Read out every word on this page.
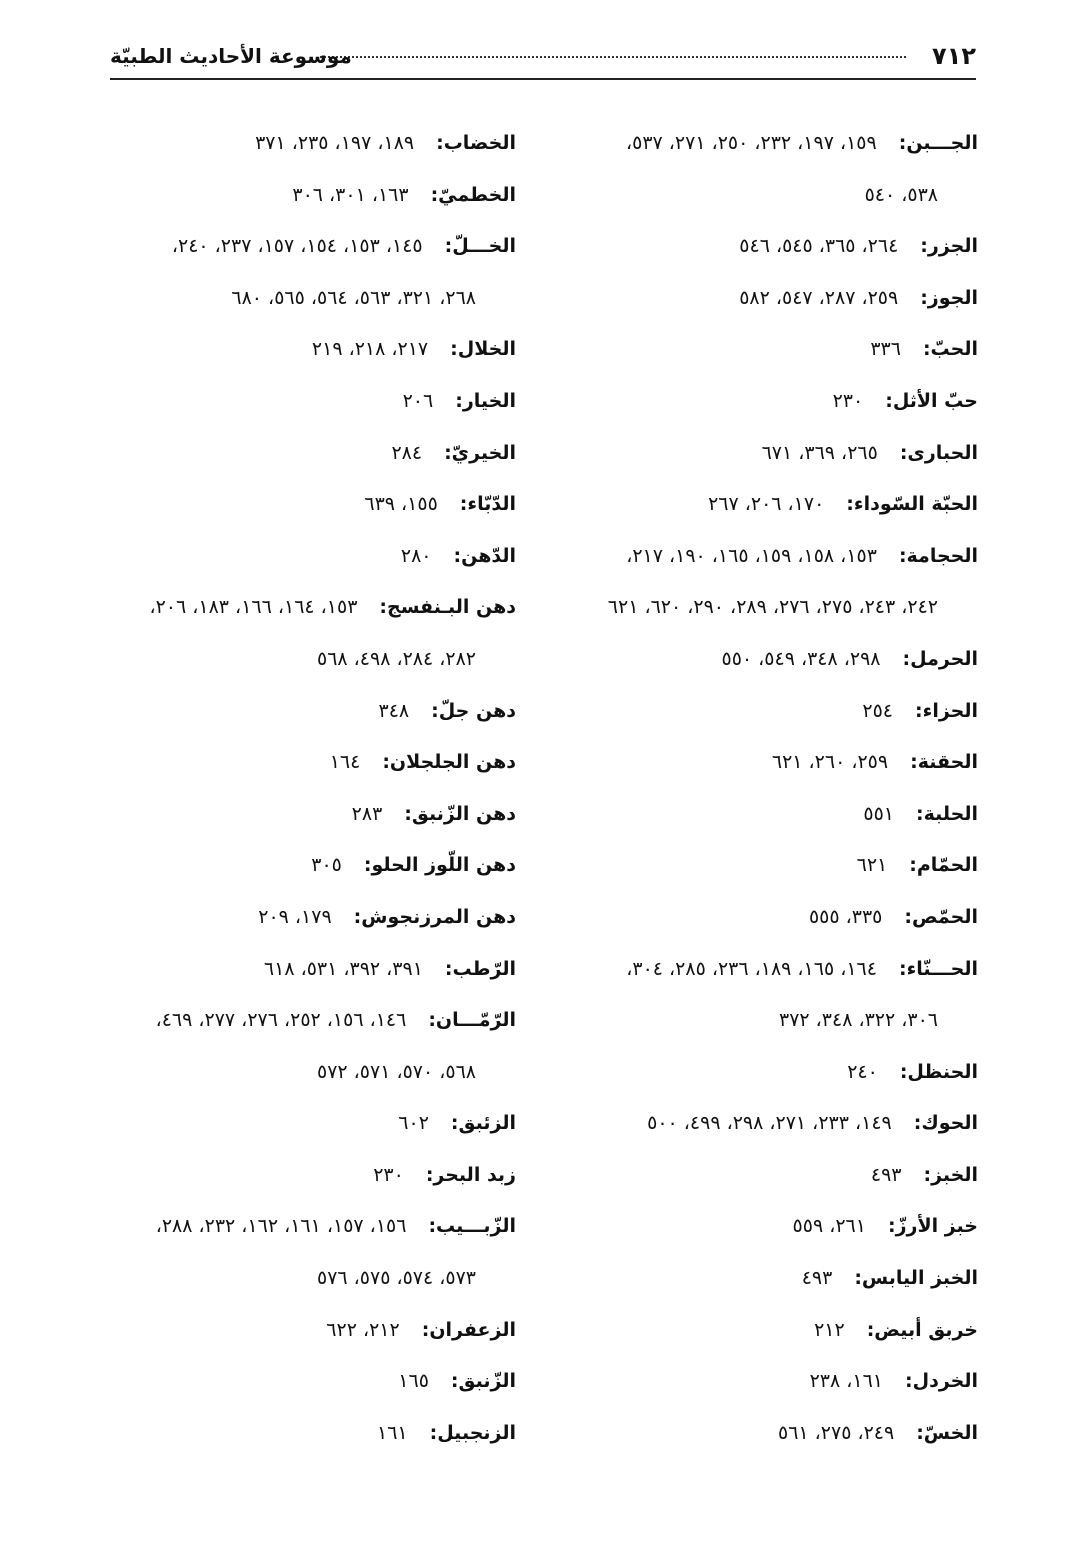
٧١٢
موسوعة الأحاديث الطبيّة
الجـــبن:١٥٩، ١٩٧، ٢٣٢، ٢٥٠، ٢٧١، ٥٣٧،
٥٣٨، ٥٤٠
الجزر:٢٦٤، ٣٦٥، ٥٤٥، ٥٤٦
الجوز:٢٥٩، ٢٨٧، ٥٤٧، ٥٨٢
الحبّ:٣٣٦
حبّ الأثل:٢٣٠
الحبارى:٢٦٥، ٣٦٩، ٦٧١
الحبّة السّوداء:١٧٠، ٢٠٦، ٢٦٧
الحجامة:١٥٣، ١٥٨، ١٥٩، ١٦٥، ١٩٠، ٢١٧،
٢٤٢، ٢٤٣، ٢٧٥، ٢٧٦، ٢٨٩، ٢٩٠، ٦٢٠، ٦٢١
الحرمل:٢٩٨، ٣٤٨، ٥٤٩، ٥٥٠
الحزاء:٢٥٤
الحقنة:٢٥٩، ٢٦٠، ٦٢١
الحلبة:٥٥١
الحمّام:٦٢١
الحمّص:٣٣٥، ٥٥٥
الحـــنّاء:١٦٤، ١٦٥، ١٨٩، ٢٣٦، ٢٨٥، ٣٠٤،
٣٠٦، ٣٢٢، ٣٤٨، ٣٧٢
الحنظل:٢٤٠
الحوك:١٤٩، ٢٣٣، ٢٧١، ٢٩٨، ٤٩٩، ٥٠٠
الخبز:٤٩٣
خبز الأرزّ:٢٦١، ٥٥٩
الخبز اليابس:٤٩٣
خربق أبيض:٢١٢
الخردل:١٦١، ٢٣٨
الخسّ:٢٤٩، ٢٧٥، ٥٦١
الخضاب:١٨٩، ١٩٧، ٢٣٥، ٣٧١
الخطميّ:١٦٣، ٣٠١، ٣٠٦
الخـــلّ:١٤٥، ١٥٣، ١٥٤، ١٥٧، ٢٣٧، ٢٤٠،
٢٦٨، ٣٢١، ٥٦٣، ٥٦٤، ٥٦٥، ٦٨٠
الخلال:٢١٧، ٢١٨، ٢١٩
الخيار:٢٠٦
الخيريّ:٢٨٤
الدّبّاء:١٥٥، ٦٣٩
الدّهن:٢٨٠
دهن البـنفسج:١٥٣، ١٦٤، ١٦٦، ١٨٣، ٢٠٦،
٢٨٢، ٢٨٤، ٤٩٨، ٥٦٨
دهن جلّ:٣٤٨
دهن الجلجلان:١٦٤
دهن الزّنبق:٢٨٣
دهن اللّوز الحلو:٣٠٥
دهن المرزنجوش:١٧٩، ٢٠٩
الرّطب:٣٩١، ٣٩٢، ٥٣١، ٦١٨
الرّمّـــان:١٤٦، ١٥٦، ٢٥٢، ٢٧٦، ٢٧٧، ٤٦٩،
٥٦٨، ٥٧٠، ٥٧١، ٥٧٢
الزئبق:٦٠٢
زبد البحر:٢٣٠
الزّبـــيب:١٥٦، ١٥٧، ١٦١، ١٦٢، ٢٣٢، ٢٨٨،
٥٧٣، ٥٧٤، ٥٧٥، ٥٧٦
الزعفران:٢١٢، ٦٢٢
الزّنبق:١٦٥
الزنجبيل:١٦١
